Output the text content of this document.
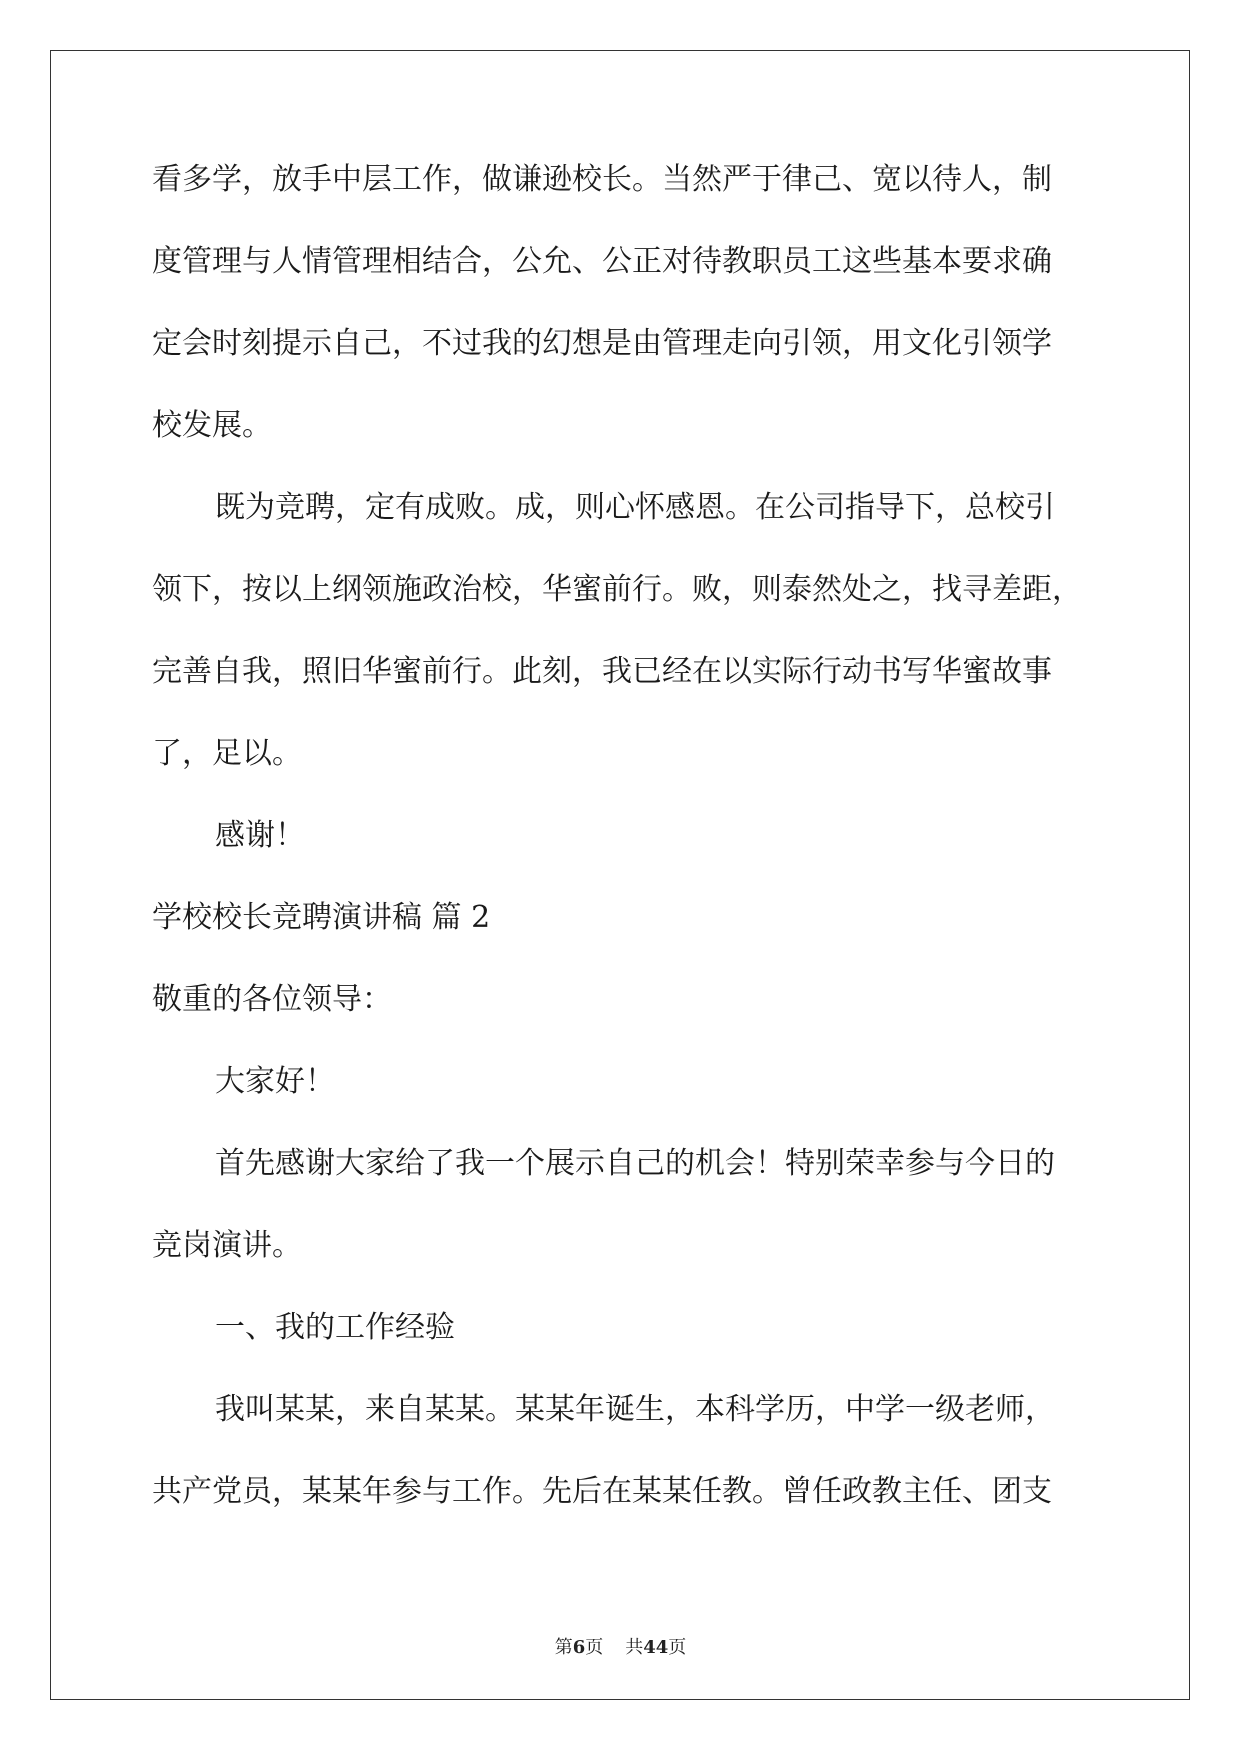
看多学，放手中层工作，做谦逊校长。当然严于律己、宽以待人，制
度管理与人情管理相结合，公允、公正对待教职员工这些基本要求确
定会时刻提示自己，不过我的幻想是由管理走向引领，用文化引领学
校发展。
既为竞聘，定有成败。成，则心怀感恩。在公司指导下，总校引
领下，按以上纲领施政治校，华蜜前行。败，则泰然处之，找寻差距，
完善自我，照旧华蜜前行。此刻，我已经在以实际行动书写华蜜故事
了，足以。
感谢！
学校校长竞聘演讲稿 篇 2
敬重的各位领导：
大家好！
首先感谢大家给了我一个展示自己的机会！特别荣幸参与今日的
竞岗演讲。
一、我的工作经验
我叫某某，来自某某。某某年诞生，本科学历，中学一级老师，
共产党员，某某年参与工作。先后在某某任教。曾任政教主任、团支
第6页 共44页
